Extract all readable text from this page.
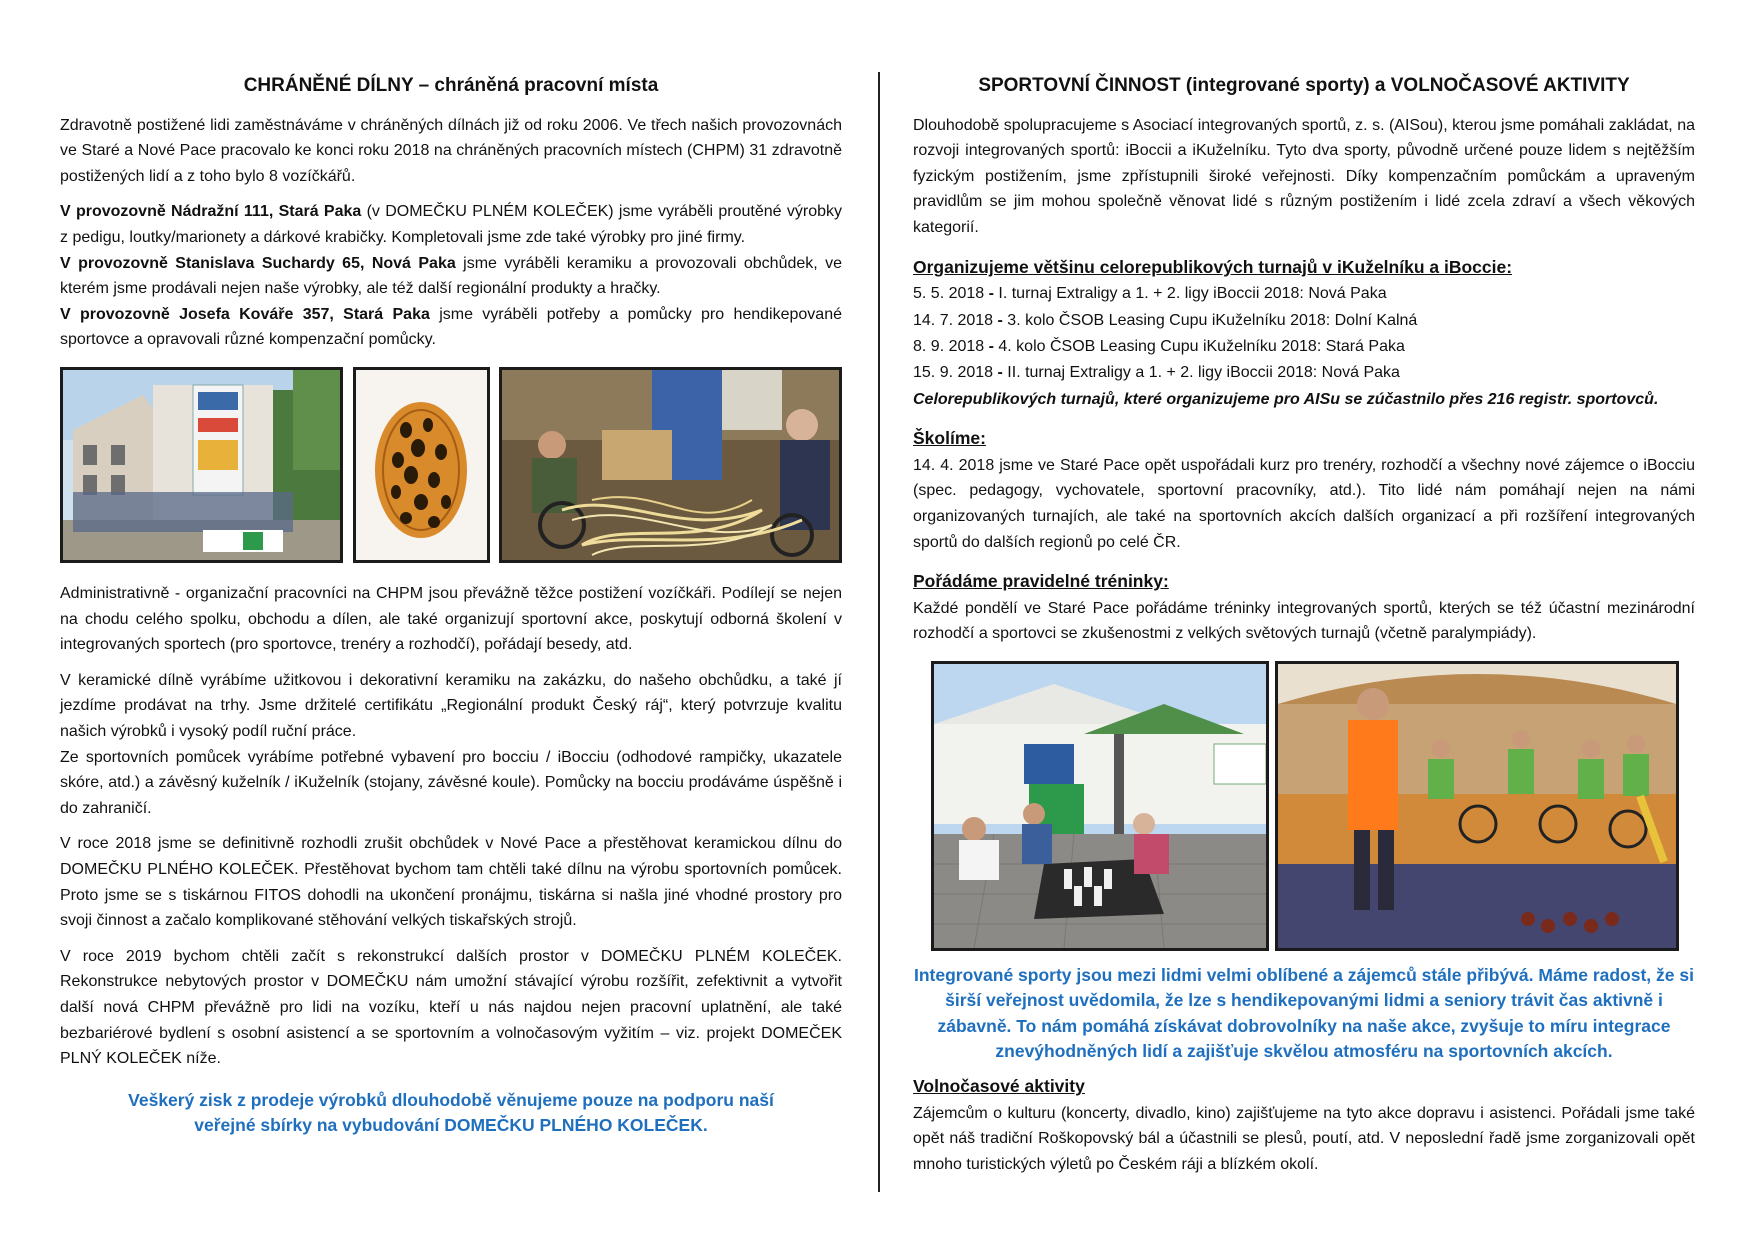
CHRÁNĚNÉ DÍLNY – chráněná pracovní místa

Zdravotně postižené lidi zaměstnáváme v chráněných dílnách již od roku 2006. Ve třech našich provozovnách ve Staré a Nové Pace pracovalo ke konci roku 2018 na chráněných pracovních místech (CHPM) 31 zdravotně postižených lidí a z toho bylo 8 vozíčkářů.

V provozovně Nádražní 111, Stará Paka (v DOMEČKU PLNÉM KOLEČEK) jsme vyráběli proutěné výrobky z pedigu, loutky/marionety a dárkové krabičky. Kompletovali jsme zde také výrobky pro jiné firmy.

V provozovně Stanislava Suchardy 65, Nová Paka jsme vyráběli keramiku a provozovali obchůdek, ve kterém jsme prodávali nejen naše výrobky, ale též další regionální produkty a hračky.

V provozovně Josefa Kováře 357, Stará Paka jsme vyráběli potřeby a pomůcky pro hendikepované sportovce a opravovali různé kompenzační pomůcky.

Administrativně - organizační pracovníci na CHPM jsou převážně těžce postižení vozíčkáři. Podílejí se nejen na chodu celého spolku, obchodu a dílen, ale také organizují sportovní akce, poskytují odborná školení v integrovaných sportech (pro sportovce, trenéry a rozhodčí), pořádají besedy, atd.

V keramické dílně vyrábíme užitkovou i dekorativní keramiku na zakázku, do našeho obchůdku, a také jí jezdíme prodávat na trhy. Jsme držitelé certifikátu „Regionální produkt Český ráj“, který potvrzuje kvalitu našich výrobků i vysoký podíl ruční práce.

Ze sportovních pomůcek vyrábíme potřebné vybavení pro bocciu / iBocciu (odhodové rampičky, ukazatele skóre, atd.) a závěsný kuželník / iKuželník (stojany, závěsné koule). Pomůcky na bocciu prodáváme úspěšně i do zahraničí.

V roce 2018 jsme se definitivně rozhodli zrušit obchůdek v Nové Pace a přestěhovat keramickou dílnu do DOMEČKU PLNÉHO KOLEČEK. Přestěhovat bychom tam chtěli také dílnu na výrobu sportovních pomůcek. Proto jsme se s tiskárnou FITOS dohodli na ukončení pronájmu, tiskárna si našla jiné vhodné prostory pro svoji činnost a začalo komplikované stěhování velkých tiskařských strojů.

V roce 2019 bychom chtěli začít s rekonstrukcí dalších prostor v DOMEČKU PLNÉM KOLEČEK. Rekonstrukce nebytových prostor v DOMEČKU nám umožní stávající výrobu rozšířit, zefektivnit a vytvořit další nová CHPM převážně pro lidi na vozíku, kteří u nás najdou nejen pracovní uplatnění, ale také bezbariérové bydlení s osobní asistencí a se sportovním a volnočasovým vyžitím – viz. projekt DOMEČEK PLNÝ KOLEČEK níže.

Veškerý zisk z prodeje výrobků dlouhodobě věnujeme pouze na podporu naší veřejné sbírky na vybudování DOMEČKU PLNÉHO KOLEČEK.

SPORTOVNÍ ČINNOST (integrované sporty) a VOLNOČASOVÉ AKTIVITY

Dlouhodobě spolupracujeme s Asociací integrovaných sportů, z. s. (AISou), kterou jsme pomáhali zakládat, na rozvoji integrovaných sportů: iBoccii a iKuželníku. Tyto dva sporty, původně určené pouze lidem s nejtěžším fyzickým postižením, jsme zpřístupnili široké veřejnosti. Díky kompenzačním pomůckám a upraveným pravidlům se jim mohou společně věnovat lidé s různým postižením i lidé zcela zdraví a všech věkových kategorií.

Organizujeme většinu celorepublikových turnajů v iKuželníku a iBoccie:

5. 5. 2018 - I. turnaj Extraligy a 1. + 2. ligy iBoccii 2018: Nová Paka

14. 7. 2018 - 3. kolo ČSOB Leasing Cupu iKuželníku 2018: Dolní Kalná

8. 9. 2018 - 4. kolo ČSOB Leasing Cupu iKuželníku 2018: Stará Paka

15. 9. 2018 - II. turnaj Extraligy a 1. + 2. ligy iBoccii 2018: Nová Paka

Celorepublikových turnajů, které organizujeme pro AISu se zúčastnilo přes 216 registr. sportovců.

Školíme:

14. 4. 2018 jsme ve Staré Pace opět uspořádali kurz pro trenéry, rozhodčí a všechny nové zájemce o iBocciu (spec. pedagogy, vychovatele, sportovní pracovníky, atd.). Tito lidé nám pomáhají nejen na námi organizovaných turnajích, ale také na sportovních akcích dalších organizací a při rozšíření integrovaných sportů do dalších regionů po celé ČR.

Pořádáme pravidelné tréninky:

Každé pondělí ve Staré Pace pořádáme tréninky integrovaných sportů, kterých se též účastní mezinárodní rozhodčí a sportovci se zkušenostmi z velkých světových turnajů (včetně paralympiády).

Integrované sporty jsou mezi lidmi velmi oblíbené a zájemců stále přibývá. Máme radost, že si širší veřejnost uvědomila, že lze s hendikepovanými lidmi a seniory trávit čas aktivně i zábavně. To nám pomáhá získávat dobrovolníky na naše akce, zvyšuje to míru integrace znevýhodněných lidí a zajišťuje skvělou atmosféru na sportovních akcích.

Volnočasové aktivity

Zájemcům o kulturu (koncerty, divadlo, kino) zajišťujeme na tyto akce dopravu i asistenci. Pořádali jsme také opět náš tradiční Roškopovský bál a účastnili se plesů, poutí, atd. V neposlední řadě jsme zorganizovali opět mnoho turistických výletů po Českém ráji a blízkém okolí.
